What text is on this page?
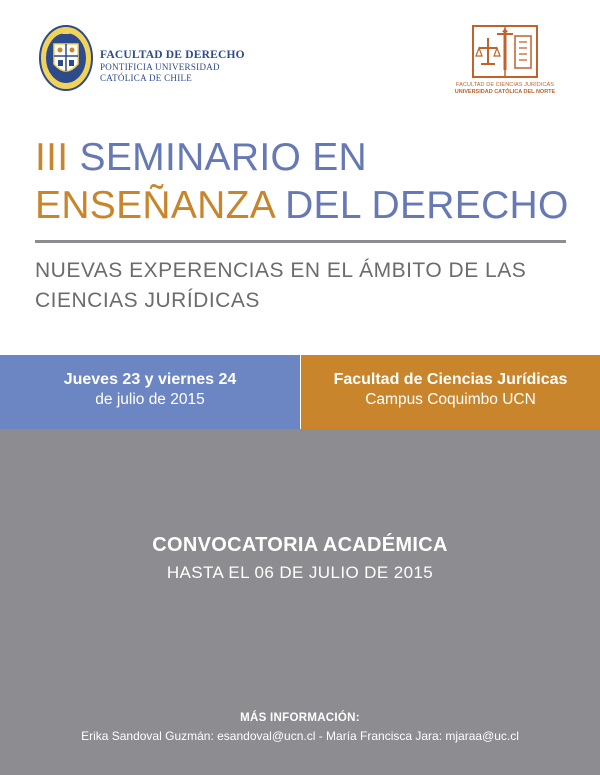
FACULTAD DE DERECHO
PONTIFICIA UNIVERSIDAD
CATÓLICA DE CHILE
FACULTAD DE CIENCIAS JURÍDICAS
UNIVERSIDAD CATÓLICA DEL NORTE
III SEMINARIO EN
ENSEÑANZA DEL DERECHO
NUEVAS EXPERENCIAS EN EL ÁMBITO DE LAS
CIENCIAS JURÍDICAS
Jueves 23 y viernes 24
de julio de 2015
Facultad de Ciencias Jurídicas
Campus Coquimbo UCN
CONVOCATORIA ACADÉMICA
HASTA EL 06 DE JULIO DE 2015
MÁS INFORMACIÓN:
Erika Sandoval Guzmán: esandoval@ucn.cl - María Francisca Jara: mjaraa@uc.cl
